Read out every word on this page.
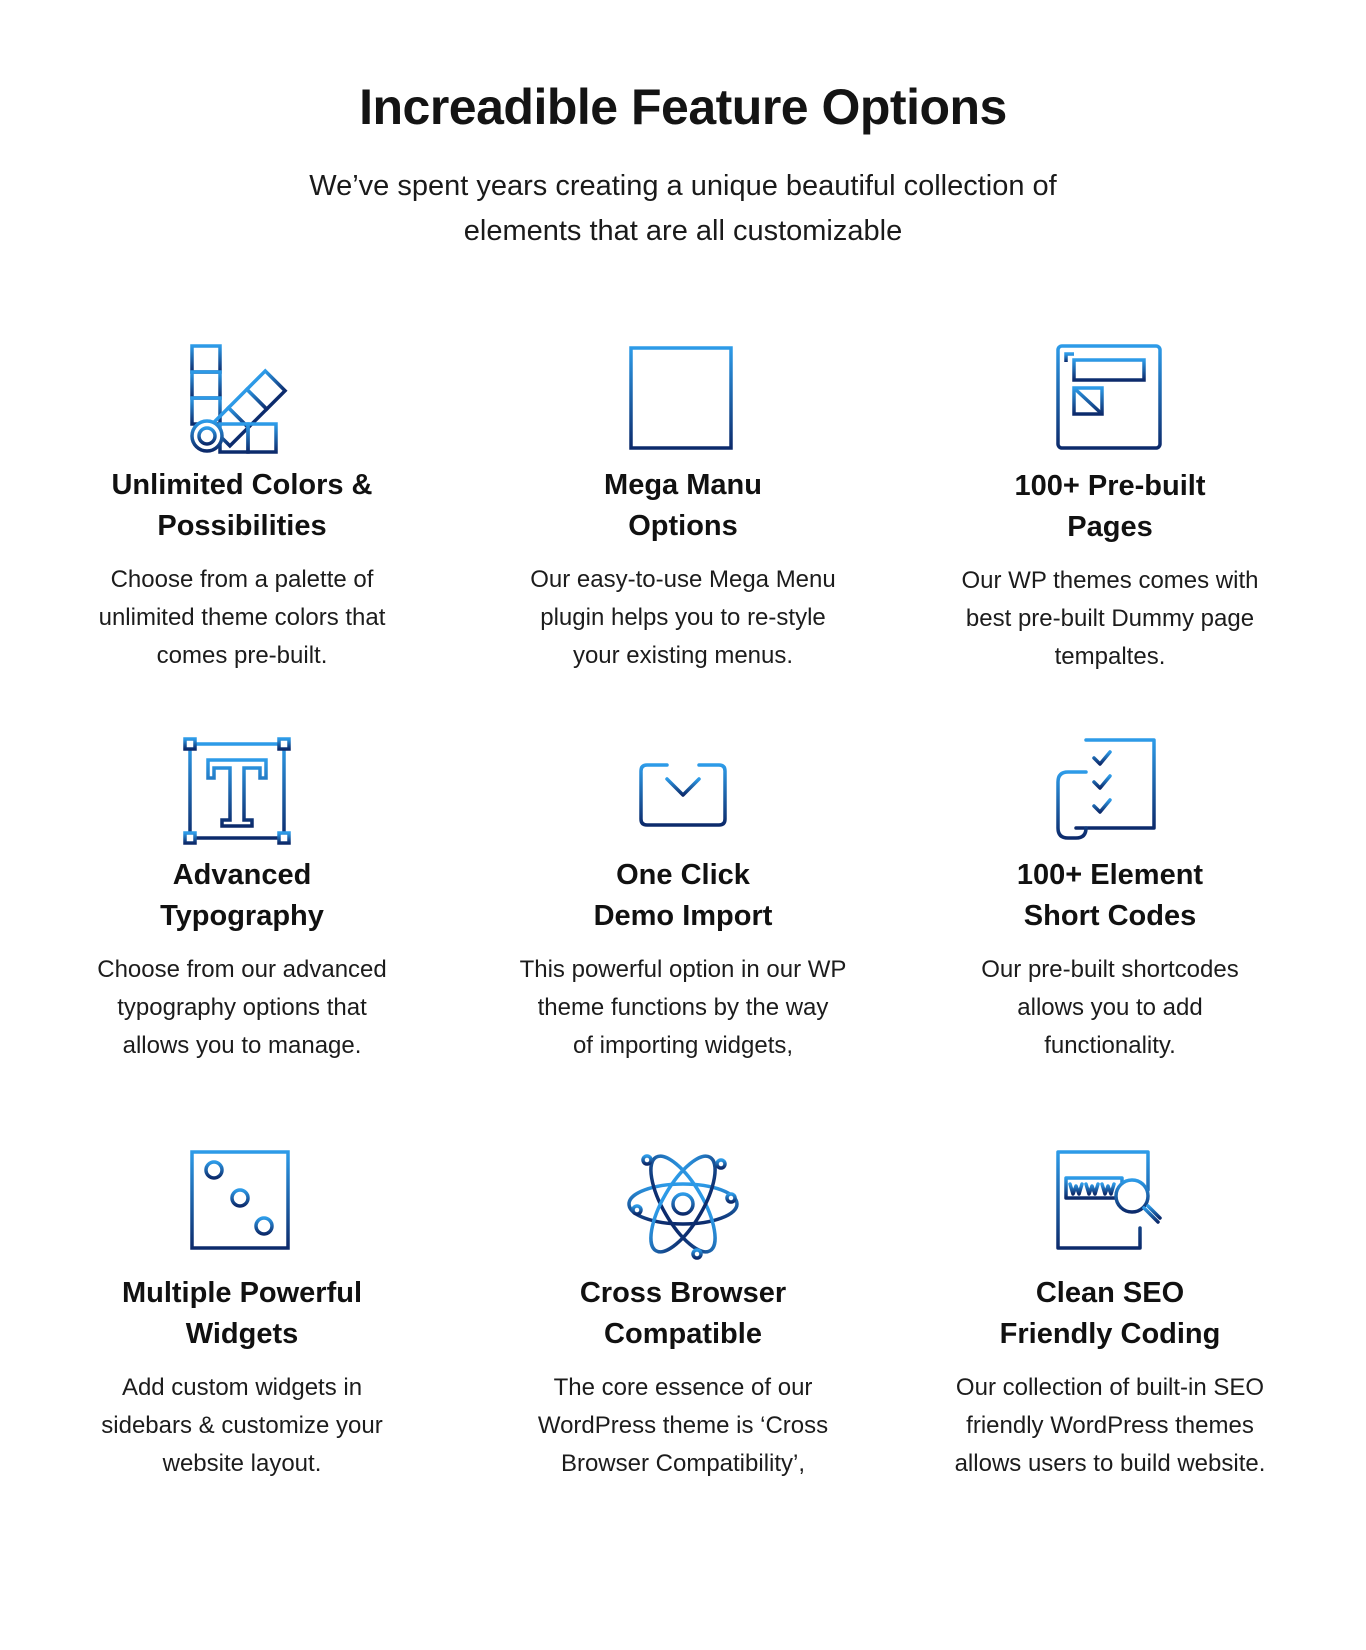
Increadible Feature Options

We’ve spent years creating a unique beautiful collection of
elements that are all customizable

Unlimited Colors &
Possibilities
Choose from a palette of
unlimited theme colors that
comes pre-built.
Mega Manu
Options
Our easy-to-use Mega Menu
plugin helps you to re-style
your existing menus.
100+ Pre-built
Pages
Our WP themes comes with
best pre-built Dummy page
tempaltes.
Advanced
Typography
Choose from our advanced
typography options that
allows you to manage.
One Click
Demo Import
This powerful option in our WP
theme functions by the way
of importing widgets,
100+ Element
Short Codes
Our pre-built shortcodes
allows you to add
functionality.
Multiple Powerful
Widgets
Add custom widgets in
sidebars & customize your
website layout.
Cross Browser
Compatible
The core essence of our
WordPress theme is ‘Cross
Browser Compatibility’,
Clean SEO
Friendly Coding
Our collection of built-in SEO
friendly WordPress themes
allows users to build website.
